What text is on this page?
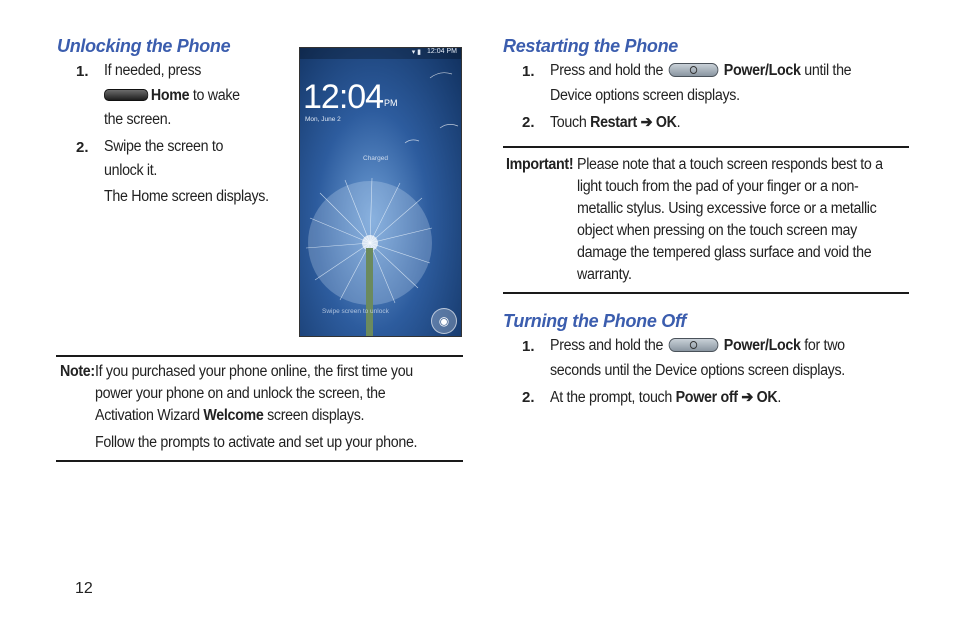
Unlocking the Phone
1. If needed, press
Home to wake
the screen.
2. Swipe the screen to
unlock it.
The Home screen displays.
▾ ▮ 12:04 PM
12:04 PM
Mon, June 2
Charged
Swipe screen to unlock
◉
Note: If you purchased your phone online, the first time you
power your phone on and unlock the screen, the
Activation Wizard Welcome screen displays.
Follow the prompts to activate and set up your phone.
Restarting the Phone
1. Press and hold the	Power/Lock until the
Device options screen displays.
2. Touch Restart ➔ OK.
Important! Please note that a touch screen responds best to a
light touch from the pad of your finger or a non-
metallic stylus. Using excessive force or a metallic
object when pressing on the touch screen may
damage the tempered glass surface and void the
warranty.
Turning the Phone Off
1. Press and hold the	Power/Lock for two
seconds until the Device options screen displays.
2. At the prompt, touch Power off ➔ OK.
12
